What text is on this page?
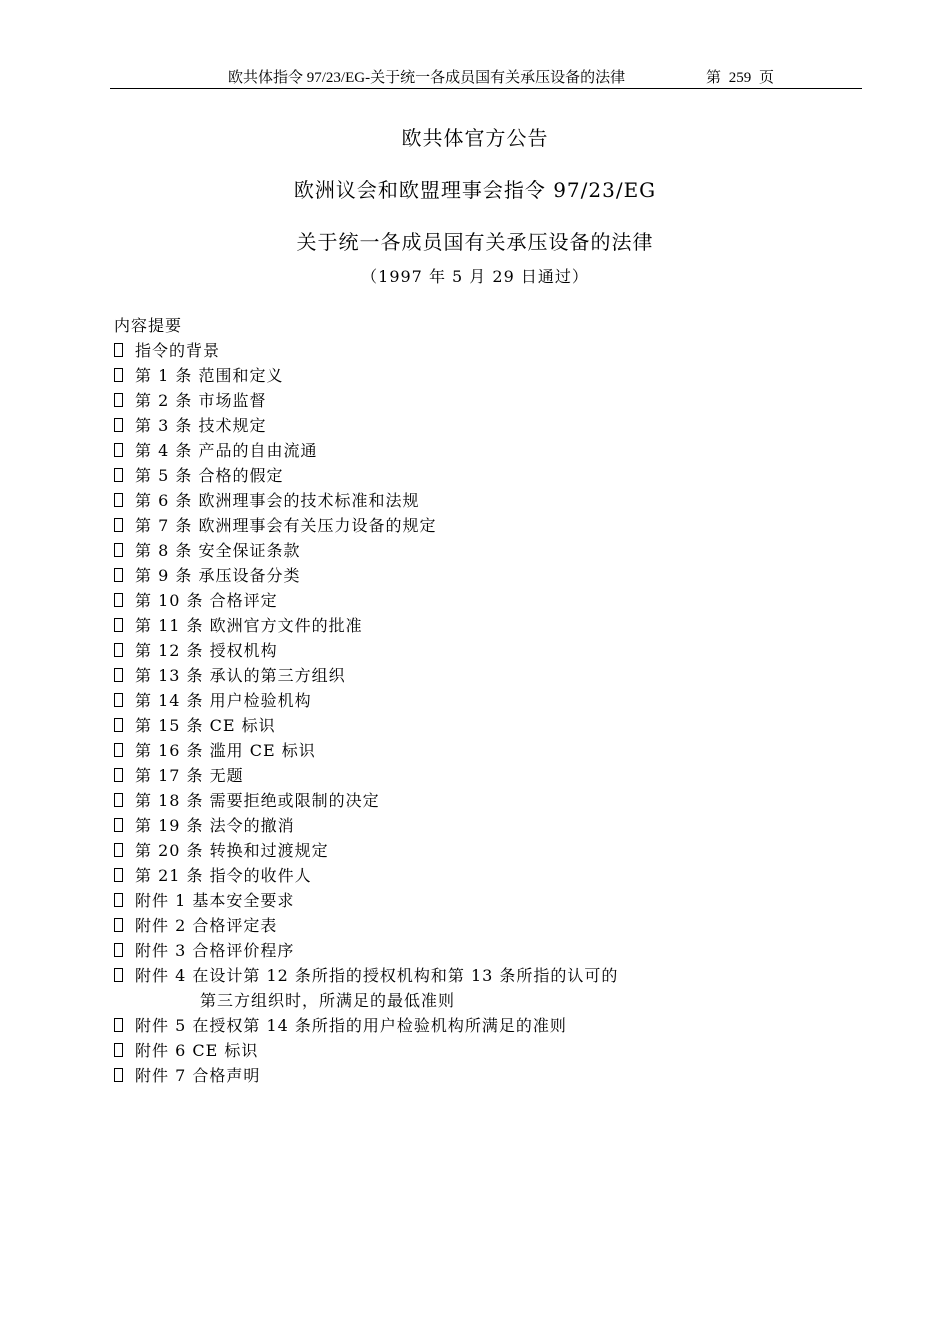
欧共体指令 97/23/EG-关于统一各成员国有关承压设备的法律	第 259 页
欧共体官方公告
欧洲议会和欧盟理事会指令 97/23/EG
关于统一各成员国有关承压设备的法律
（1997 年 5 月 29 日通过）
内容提要
指令的背景
第 1 条 范围和定义
第 2 条 市场监督
第 3 条 技术规定
第 4 条 产品的自由流通
第 5 条 合格的假定
第 6 条 欧洲理事会的技术标准和法规
第 7 条 欧洲理事会有关压力设备的规定
第 8 条 安全保证条款
第 9 条 承压设备分类
第 10 条 合格评定
第 11 条 欧洲官方文件的批准
第 12 条 授权机构
第 13 条 承认的第三方组织
第 14 条 用户检验机构
第 15 条 CE 标识
第 16 条 滥用 CE 标识
第 17 条 无题
第 18 条 需要拒绝或限制的决定
第 19 条 法令的撤消
第 20 条 转换和过渡规定
第 21 条 指令的收件人
附件 1 基本安全要求
附件 2 合格评定表
附件 3 合格评价程序
附件 4 在设计第 12 条所指的授权机构和第 13 条所指的认可的
第三方组织时，所满足的最低准则
附件 5 在授权第 14 条所指的用户检验机构所满足的准则
附件 6 CE 标识
附件 7 合格声明
